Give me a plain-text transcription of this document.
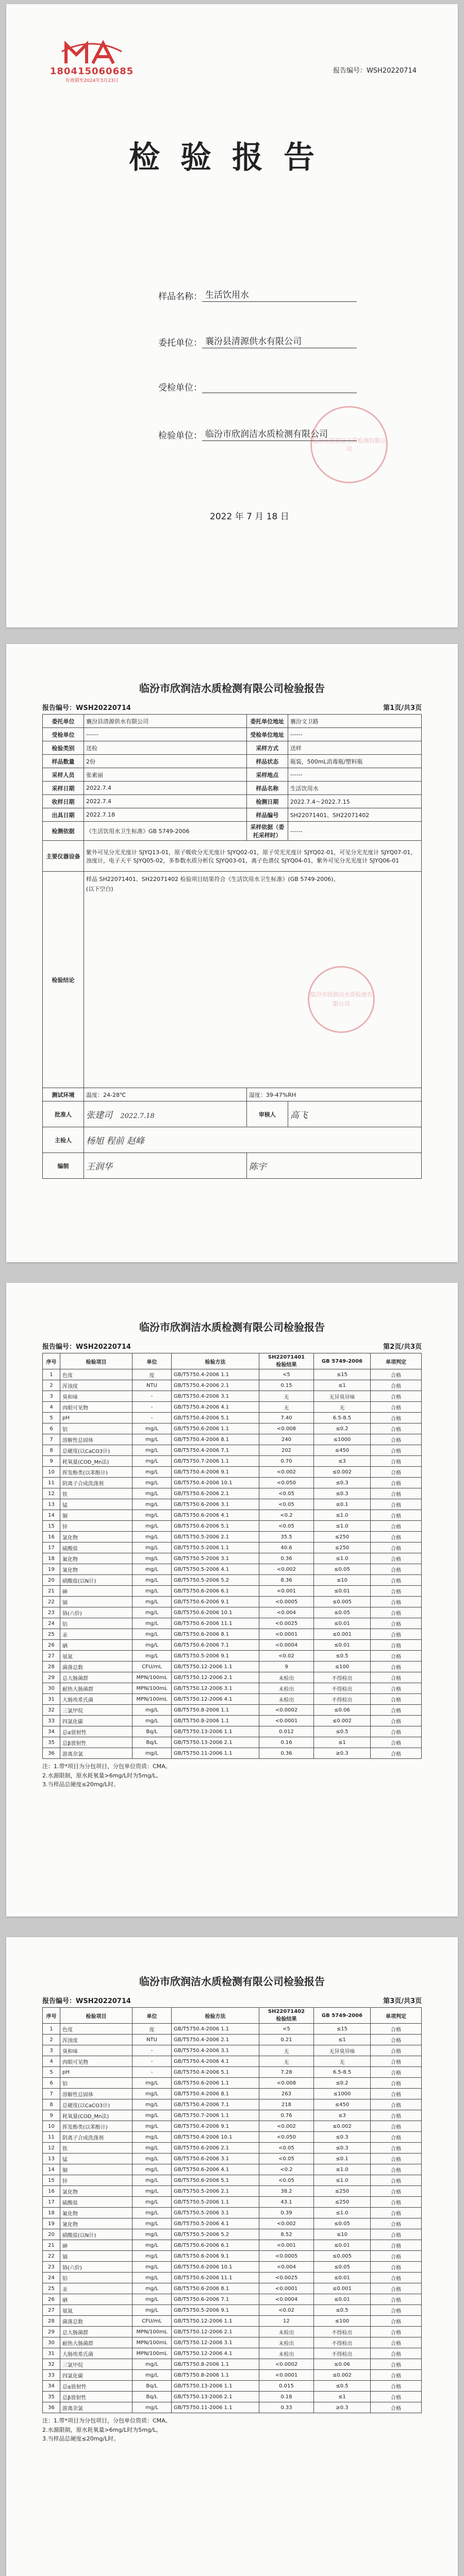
180415060685
有效期至2024年3月23日
报告编号：WSH20220714
检验报告
样品名称： 生活饮用水
委托单位： 襄汾县清源供水有限公司
受检单位：
检验单位： 临汾市欣润洁水质检测有限公司
2022 年 7 月 18 日
临汾市欣润洁水质检测有限公司
临汾市欣润洁水质检测有限公司检验报告
报告编号：WSH20220714	第1页/共3页
委托单位	襄汾县清源供水有限公司	委托单位地址	襄汾文卫路
受检单位	------	受检单位地址	------
检验类别	送检	采样方式	送样
样品数量	2份	样品状态	瓶装，500mL消毒瓶/塑料瓶
采样人员	张素丽	采样地点	------
采样日期	2022.7.4	样品名称	生活饮用水
收样日期	2022.7.4	检测日期	2022.7.4～2022.7.15
出具日期	2022.7.18	样品编号	SH22071401、SH22071402
检测依据	《生活饮用水卫生标准》GB 5749-2006	采样依据（委托采样时）	------
主要仪器设备	紫外可见分光光度计 SJYQ13-01，原子吸收分光光度计 SJYQ02-01，原子荧光光度计 SJYQ02-01，可见分光光度计 SJYQ07-01，浊度计，电子天平 SJYQ05-02，多参数水质分析仪 SJYQ03-01，离子色谱仪 SJYQ04-01，紫外可见分光光度计 SJYQ06-01		
检验结论	样品 SH22071401、SH22071402 检验项目结果符合《生活饮用水卫生标准》(GB 5749-2006)。
(以下空白)
临汾市欣润洁水质检测有限公司		

测试环境	温度：24-28℃	湿度：39-47%RH	
批准人	张建司 2022.7.18	审核人	高飞
主检人	杨旭 程前 赵峰		
编制	王润华	陈宇	
临汾市欣润洁水质检测有限公司检验报告
报告编号：WSH20220714	第2页/共3页
序号	检验项目	单位	检验方法	SH22071401
检验结果	GB 5749-2006	单项判定
1	色度	度	GB/T5750.4-2006 1.1	<5	≤15	合格
2	浑浊度	NTU	GB/T5750.4-2006 2.1	0.15	≤1	合格
3	臭和味	-	GB/T5750.4-2006 3.1	无	无异臭异味	合格
4	肉眼可见物	-	GB/T5750.4-2006 4.1	无	无	合格
5	pH	-	GB/T5750.4-2006 5.1	7.40	6.5-8.5	合格
6	铝	mg/L	GB/T5750.6-2006 1.1	<0.008	≤0.2	合格
7	溶解性总固体	mg/L	GB/T5750.4-2006 8.1	240	≤1000	合格
8	总硬度(以CaCO3计)	mg/L	GB/T5750.4-2006 7.1	202	≤450	合格
9	耗氧量(COD_Mn法)	mg/L	GB/T5750.7-2006 1.1	0.70	≤3	合格
10	挥发酚类(以苯酚计)	mg/L	GB/T5750.4-2006 9.1	<0.002	≤0.002	合格
11	阴离子合成洗涤剂	mg/L	GB/T5750.4-2006 10.1	<0.050	≤0.3	合格
12	铁	mg/L	GB/T5750.6-2006 2.1	<0.05	≤0.3	合格
13	锰	mg/L	GB/T5750.6-2006 3.1	<0.05	≤0.1	合格
14	铜	mg/L	GB/T5750.6-2006 4.1	<0.2	≤1.0	合格
15	锌	mg/L	GB/T5750.6-2006 5.1	<0.05	≤1.0	合格
16	氯化物	mg/L	GB/T5750.5-2006 2.1	35.5	≤250	合格
17	硫酸盐	mg/L	GB/T5750.5-2006 1.1	40.6	≤250	合格
18	氟化物	mg/L	GB/T5750.5-2006 3.1	0.36	≤1.0	合格
19	氰化物	mg/L	GB/T5750.5-2006 4.1	<0.002	≤0.05	合格
20	硝酸盐(以N计)	mg/L	GB/T5750.5-2006 5.2	8.36	≤10	合格
21	砷	mg/L	GB/T5750.6-2006 6.1	<0.001	≤0.01	合格
22	镉	mg/L	GB/T5750.6-2006 9.1	<0.0005	≤0.005	合格
23	铬(六价)	mg/L	GB/T5750.6-2006 10.1	<0.004	≤0.05	合格
24	铅	mg/L	GB/T5750.6-2006 11.1	<0.0025	≤0.01	合格
25	汞	mg/L	GB/T5750.6-2006 8.1	<0.0001	≤0.001	合格
26	硒	mg/L	GB/T5750.6-2006 7.1	<0.0004	≤0.01	合格
27	氨氮	mg/L	GB/T5750.5-2006 9.1	<0.02	≤0.5	合格
28	菌落总数	CFU/mL	GB/T5750.12-2006 1.1	9	≤100	合格
29	总大肠菌群	MPN/100mL	GB/T5750.12-2006 2.1	未检出	不得检出	合格
30	耐热大肠菌群	MPN/100mL	GB/T5750.12-2006 3.1	未检出	不得检出	合格
31	大肠埃希氏菌	MPN/100mL	GB/T5750.12-2006 4.1	未检出	不得检出	合格
32	三氯甲烷	mg/L	GB/T5750.8-2006 1.1	<0.0002	≤0.06	合格
33	四氯化碳	mg/L	GB/T5750.8-2006 1.1	<0.0001	≤0.002	合格
34	总α放射性	Bq/L	GB/T5750.13-2006 1.1	0.012	≤0.5	合格
35	总β放射性	Bq/L	GB/T5750.13-2006 2.1	0.16	≤1	合格
36	游离余氯	mg/L	GB/T5750.11-2006 1.1	0.36	≥0.3	合格
注：1.带*项目为分包项目，分包单位资质：CMA。
2.水源限制，原水耗氧量>6mg/L时为5mg/L。
3.当样品总硬度≤20mg/L时。
临汾市欣润洁水质检测有限公司检验报告
报告编号：WSH20220714	第3页/共3页
序号	检验项目	单位	检验方法	SH22071402
检验结果	GB 5749-2006	单项判定
1	色度	度	GB/T5750.4-2006 1.1	<5	≤15	合格
2	浑浊度	NTU	GB/T5750.4-2006 2.1	0.21	≤1	合格
3	臭和味	-	GB/T5750.4-2006 3.1	无	无异臭异味	合格
4	肉眼可见物	-	GB/T5750.4-2006 4.1	无	无	合格
5	pH	-	GB/T5750.4-2006 5.1	7.28	6.5-8.5	合格
6	铝	mg/L	GB/T5750.6-2006 1.1	<0.008	≤0.2	合格
7	溶解性总固体	mg/L	GB/T5750.4-2006 8.1	263	≤1000	合格
8	总硬度(以CaCO3计)	mg/L	GB/T5750.4-2006 7.1	218	≤450	合格
9	耗氧量(COD_Mn法)	mg/L	GB/T5750.7-2006 1.1	0.76	≤3	合格
10	挥发酚类(以苯酚计)	mg/L	GB/T5750.4-2006 9.1	<0.002	≤0.002	合格
11	阴离子合成洗涤剂	mg/L	GB/T5750.4-2006 10.1	<0.050	≤0.3	合格
12	铁	mg/L	GB/T5750.6-2006 2.1	<0.05	≤0.3	合格
13	锰	mg/L	GB/T5750.6-2006 3.1	<0.05	≤0.1	合格
14	铜	mg/L	GB/T5750.6-2006 4.1	<0.2	≤1.0	合格
15	锌	mg/L	GB/T5750.6-2006 5.1	<0.05	≤1.0	合格
16	氯化物	mg/L	GB/T5750.5-2006 2.1	38.2	≤250	合格
17	硫酸盐	mg/L	GB/T5750.5-2006 1.1	43.1	≤250	合格
18	氟化物	mg/L	GB/T5750.5-2006 3.1	0.39	≤1.0	合格
19	氰化物	mg/L	GB/T5750.5-2006 4.1	<0.002	≤0.05	合格
20	硝酸盐(以N计)	mg/L	GB/T5750.5-2006 5.2	8.52	≤10	合格
21	砷	mg/L	GB/T5750.6-2006 6.1	<0.001	≤0.01	合格
22	镉	mg/L	GB/T5750.6-2006 9.1	<0.0005	≤0.005	合格
23	铬(六价)	mg/L	GB/T5750.6-2006 10.1	<0.004	≤0.05	合格
24	铅	mg/L	GB/T5750.6-2006 11.1	<0.0025	≤0.01	合格
25	汞	mg/L	GB/T5750.6-2006 8.1	<0.0001	≤0.001	合格
26	硒	mg/L	GB/T5750.6-2006 7.1	<0.0004	≤0.01	合格
27	氨氮	mg/L	GB/T5750.5-2006 9.1	<0.02	≤0.5	合格
28	菌落总数	CFU/mL	GB/T5750.12-2006 1.1	12	≤100	合格
29	总大肠菌群	MPN/100mL	GB/T5750.12-2006 2.1	未检出	不得检出	合格
30	耐热大肠菌群	MPN/100mL	GB/T5750.12-2006 3.1	未检出	不得检出	合格
31	大肠埃希氏菌	MPN/100mL	GB/T5750.12-2006 4.1	未检出	不得检出	合格
32	三氯甲烷	mg/L	GB/T5750.8-2006 1.1	<0.0002	≤0.06	合格
33	四氯化碳	mg/L	GB/T5750.8-2006 1.1	<0.0001	≤0.002	合格
34	总α放射性	Bq/L	GB/T5750.13-2006 1.1	0.015	≤0.5	合格
35	总β放射性	Bq/L	GB/T5750.13-2006 2.1	0.18	≤1	合格
36	游离余氯	mg/L	GB/T5750.11-2006 1.1	0.33	≥0.3	合格
注：1.带*项目为分包项目，分包单位资质：CMA。
2.水源限制，原水耗氧量>6mg/L时为5mg/L。
3.当样品总硬度≤20mg/L时。
